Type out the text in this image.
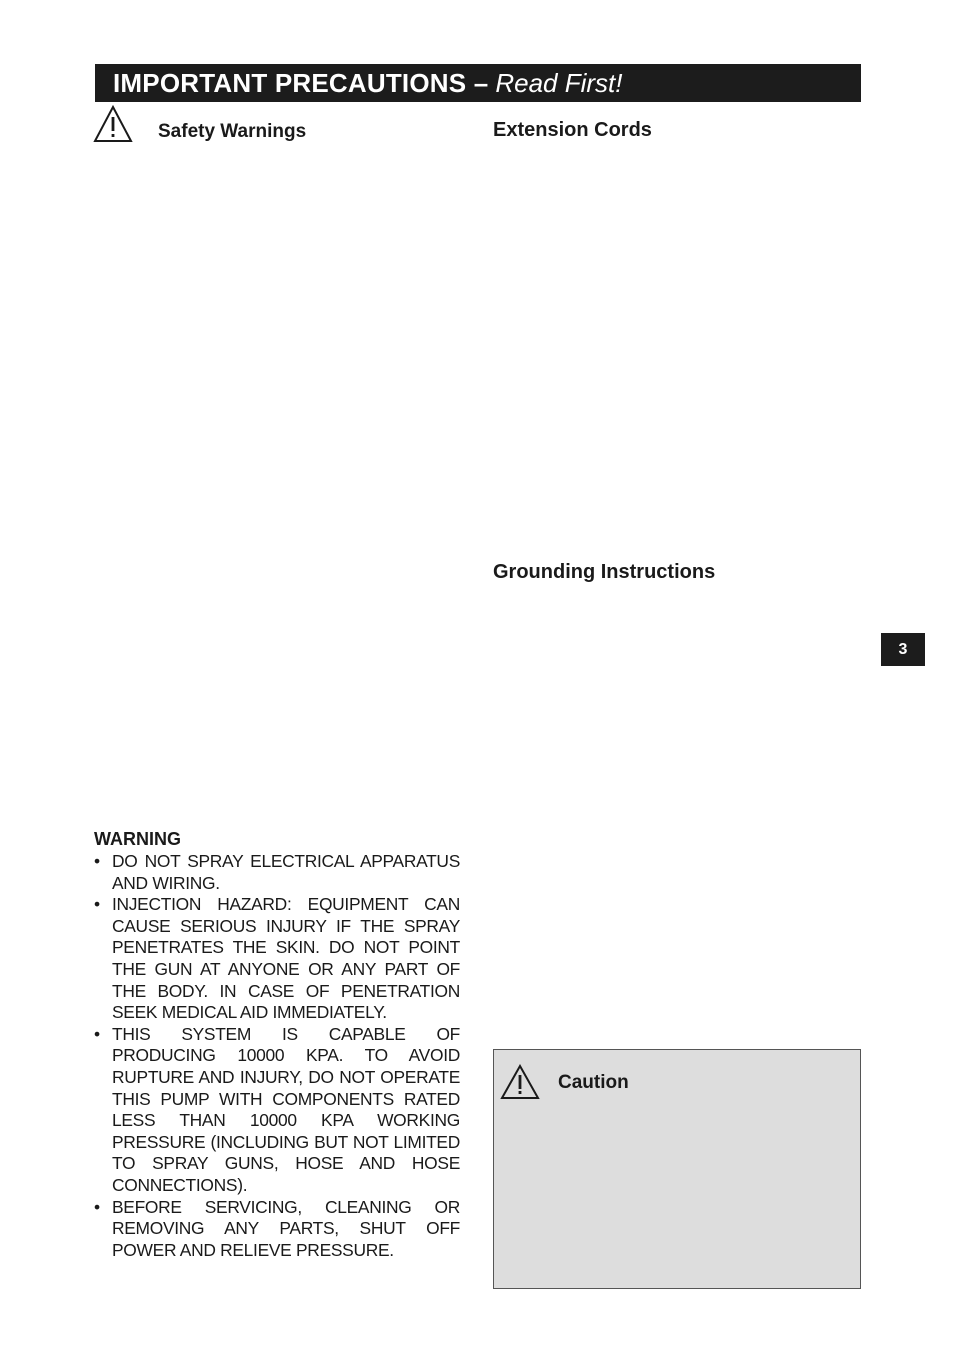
IMPORTANT PRECAUTIONS – Read First!
Safety Warnings	Extension Cords
Grounding Instructions
WARNING
• DO NOT SPRAY ELECTRICAL APPARATUS AND WIRING.
• INJECTION HAZARD: EQUIPMENT CAN CAUSE SERIOUS INJURY IF THE SPRAY PENETRATES THE SKIN. DO NOT POINT THE GUN AT ANYONE OR ANY PART OF THE BODY. IN CASE OF PENETRATION SEEK MEDICAL AID IMMEDIATELY.
• THIS SYSTEM IS CAPABLE OF PRODUCING 10000 KPA. TO AVOID RUPTURE AND INJURY, DO NOT OPERATE THIS PUMP WITH COMPONENTS RATED LESS THAN 10000 KPA WORKING PRESSURE (INCLUDING BUT NOT LIMITED TO SPRAY GUNS, HOSE AND HOSE CONNECTIONS).
• BEFORE SERVICING, CLEANING OR REMOVING ANY PARTS, SHUT OFF POWER AND RELIEVE PRESSURE.
3
Caution
